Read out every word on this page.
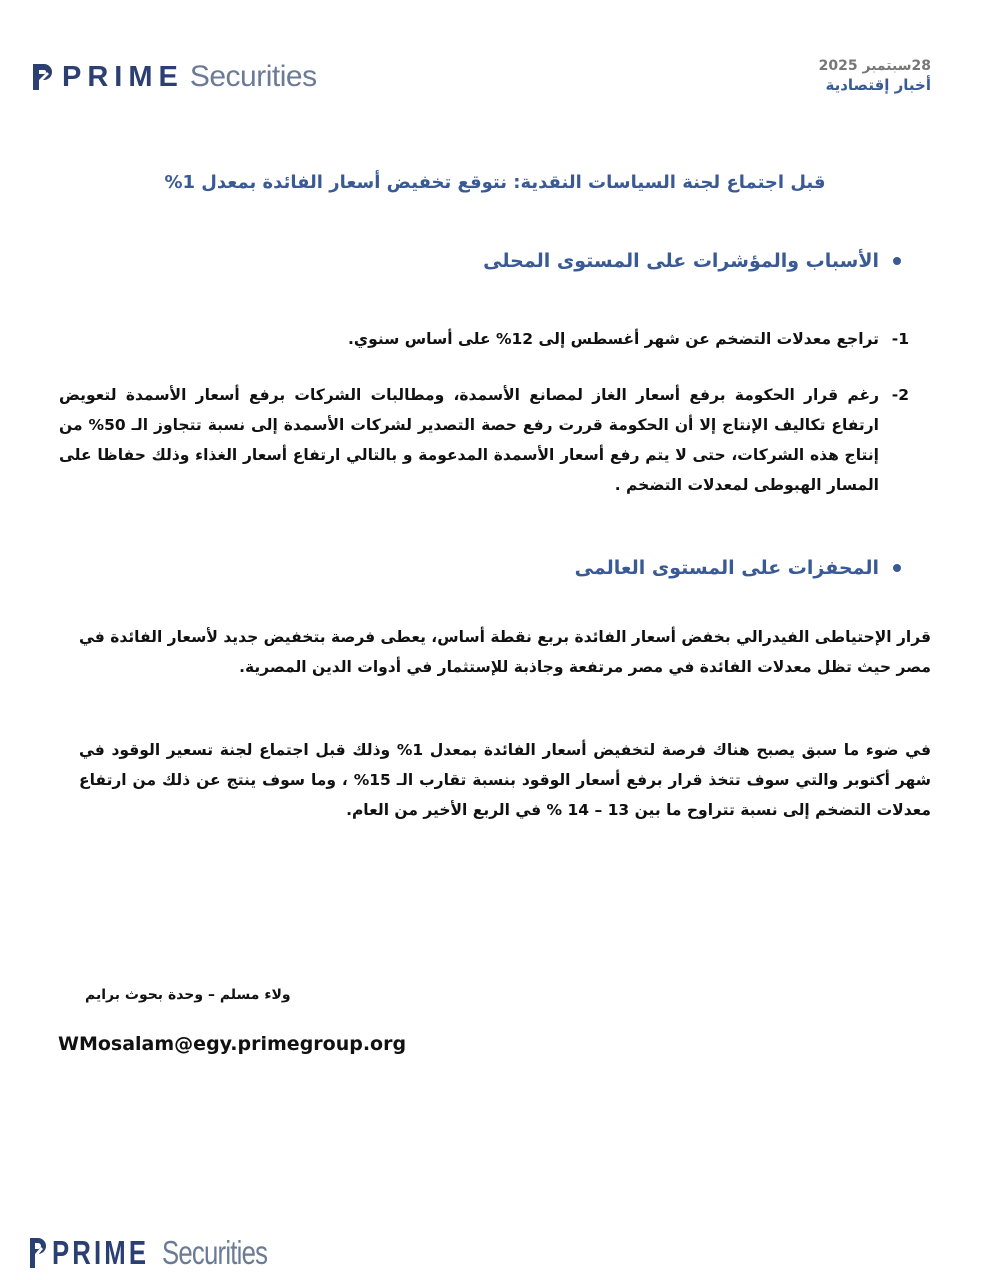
PRIME Securities	28سبتمبر 2025
أخبار إقتصادية
قبل اجتماع لجنة السياسات النقدية: نتوقع تخفيض أسعار الفائدة بمعدل 1%
الأسباب والمؤشرات على المستوى المحلى
-1
تراجع معدلات التضخم عن شهر أغسطس إلى 12% على أساس سنوي.
-2
رغم قرار الحكومة برفع أسعار الغاز لمصانع الأسمدة، ومطالبات الشركات برفع أسعار الأسمدة لتعويض ارتفاع تكاليف الإنتاج إلا أن الحكومة قررت رفع حصة التصدير لشركات الأسمدة إلى نسبة تتجاوز الـ 50% من إنتاج هذه الشركات، حتى لا يتم رفع أسعار الأسمدة المدعومة و بالتالي ارتفاع أسعار الغذاء وذلك حفاظا على المسار الهبوطى لمعدلات التضخم .
المحفزات على المستوى العالمى
قرار الإحتياطى الفيدرالي بخفض أسعار الفائدة بربع نقطة أساس، يعطى فرصة بتخفيض جديد لأسعار الفائدة في مصر حيث تظل معدلات الفائدة في مصر مرتفعة وجاذبة للإستثمار في أدوات الدين المصرية.
في ضوء ما سبق يصبح هناك فرصة لتخفيض أسعار الفائدة بمعدل 1% وذلك قبل اجتماع لجنة تسعير الوقود في شهر أكتوبر والتي سوف تتخذ قرار برفع أسعار الوقود بنسبة تقارب الـ 15% ، وما سوف ينتج عن ذلك من ارتفاع معدلات التضخم إلى نسبة تتراوح ما بين 13 – 14 % في الربع الأخير من العام.
ولاء مسلم – وحدة بحوث برايم
WMosalam@egy.primegroup.org
PRIME Securities
